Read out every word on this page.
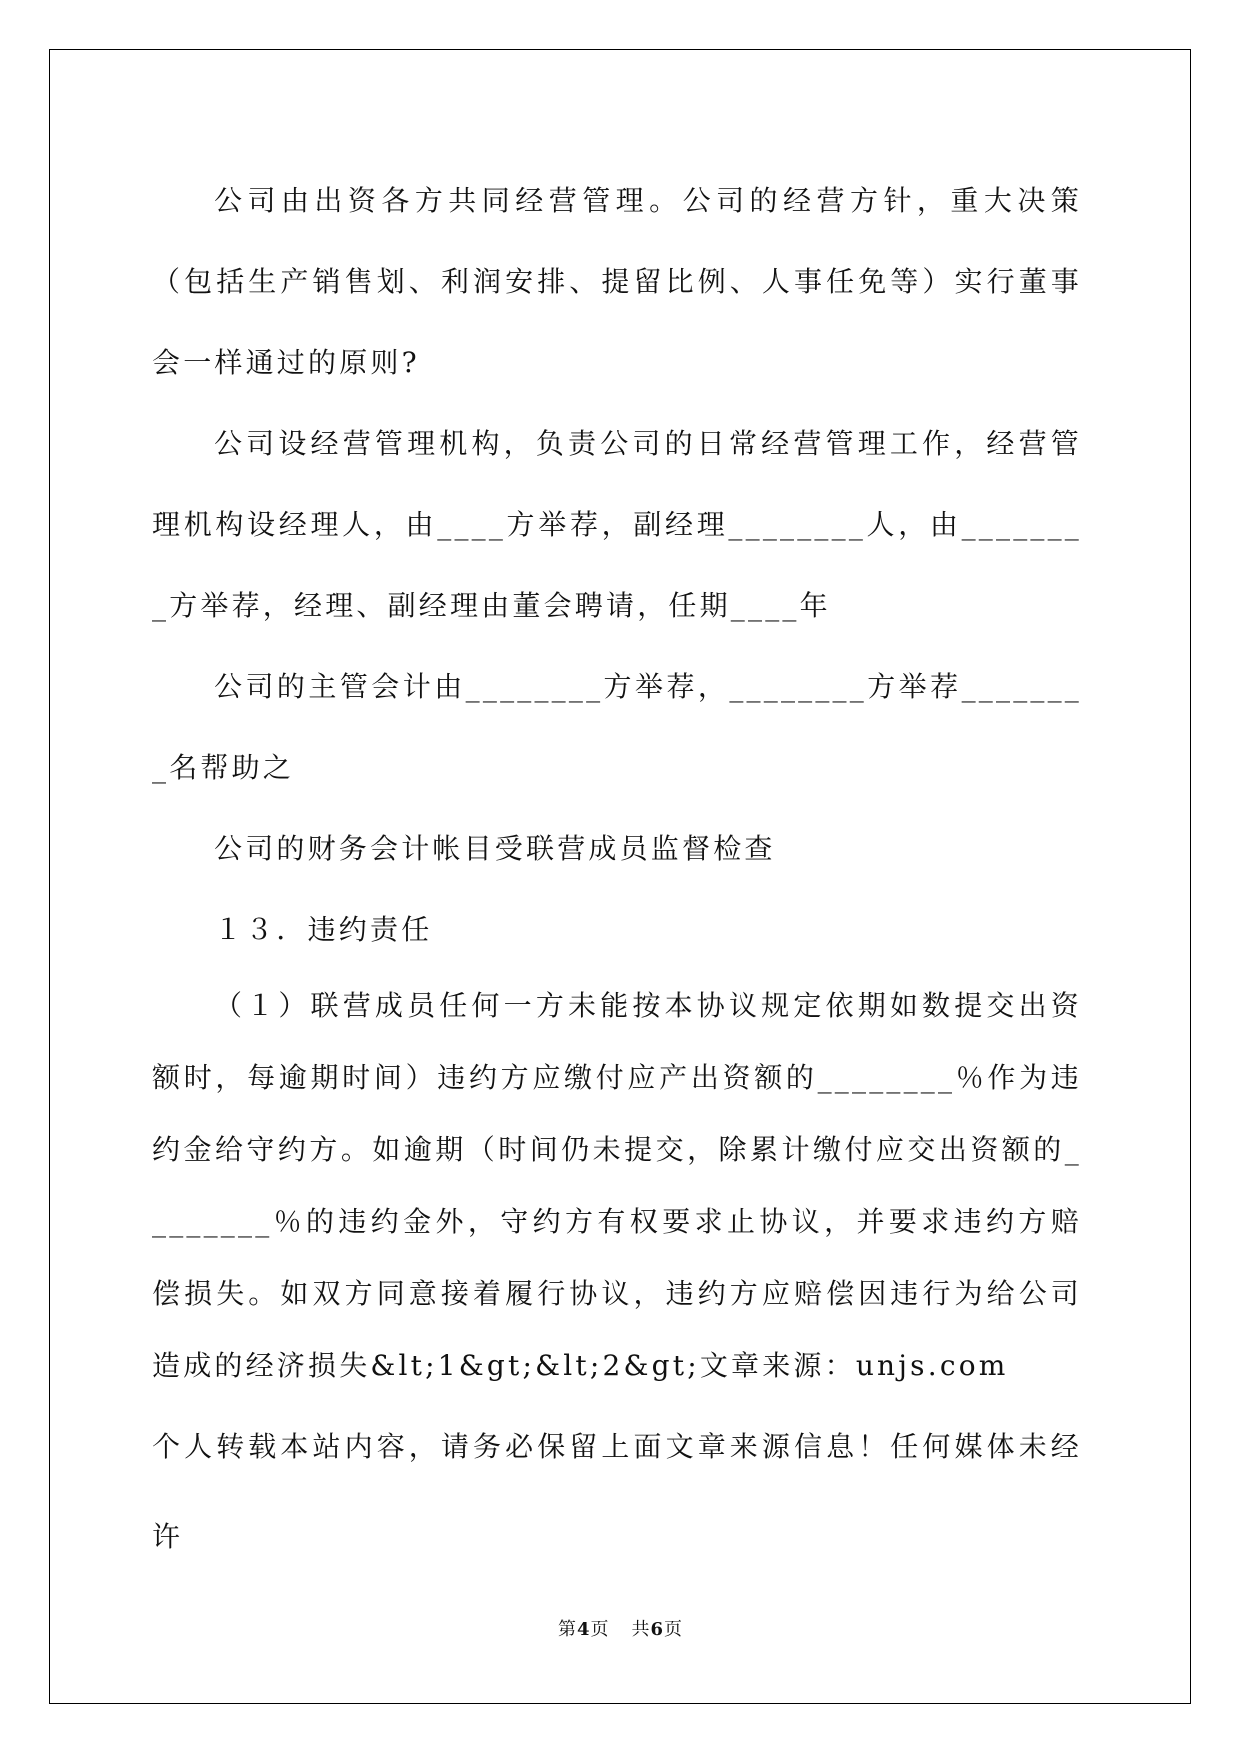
公司由出资各方共同经营管理。公司的经营方针，重大决策（包括生产销售划、利润安排、提留比例、人事任免等）实行董事会一样通过的原则?

公司设经营管理机构，负责公司的日常经营管理工作，经营管理机构设经理人，由____方举荐，副经理________人，由________方举荐，经理、副经理由董会聘请，任期____年

公司的主管会计由________方举荐，________方举荐________名帮助之

公司的财务会计帐目受联营成员监督检查

１３．违约责任

（１）联营成员任何一方未能按本协议规定依期如数提交出资额时，每逾期时间）违约方应缴付应产出资额的________％作为违约金给守约方。如逾期（时间仍未提交，除累计缴付应交出资额的________％的违约金外，守约方有权要求止协议，并要求违约方赔偿损失。如双方同意接着履行协议，违约方应赔偿因违行为给公司造成的经济损失&lt;1&gt;&lt;2&gt;文章来源：unjs.com

个人转载本站内容，请务必保留上面文章来源信息！任何媒体未经许

第4页 共6页
